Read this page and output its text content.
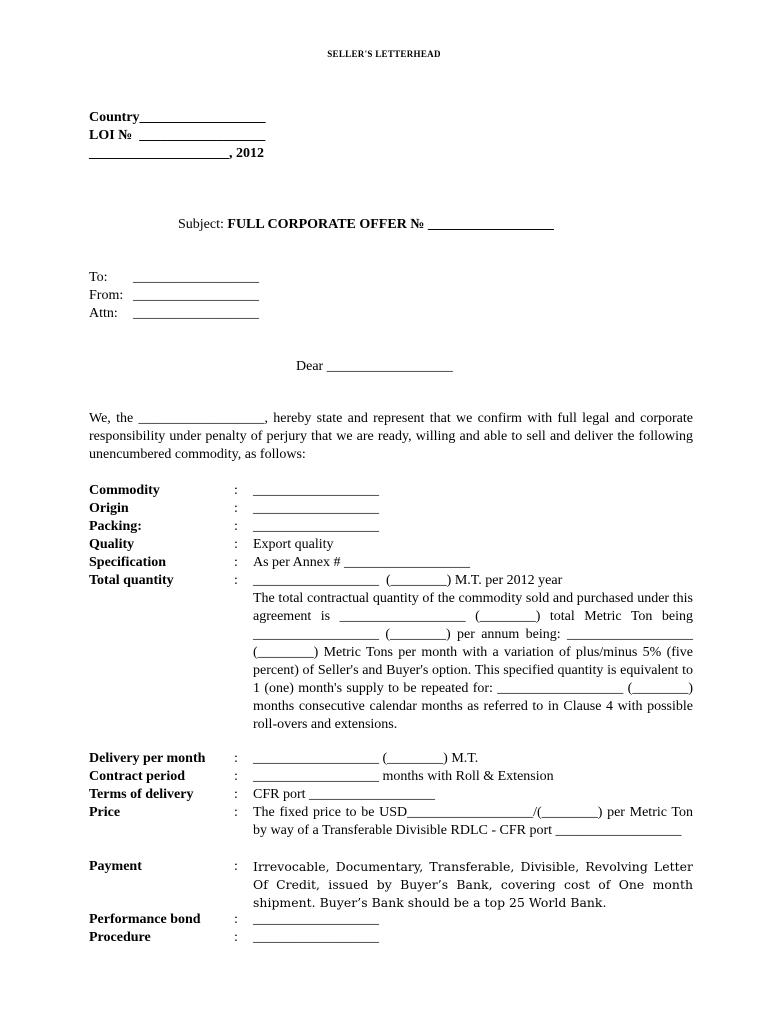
SELLER'S LETTERHEAD
Country__________________
LOI №  __________________
____________________, 2012
Subject: FULL CORPORATE OFFER № __________________
To:	__________________
From: __________________
Attn:	__________________
Dear __________________
We, the __________________, hereby state and represent that we confirm with full legal and corporate responsibility under penalty of perjury that we are ready, willing and able to sell and deliver the following unencumbered commodity, as follows:
Commodity	: __________________
Origin	: __________________
Packing:	: __________________
Quality	: Export quality
Specification	: As per Annex # __________________
Total quantity	: __________________  (________) M.T. per 2012 year
The total contractual quantity of the commodity sold and purchased under this agreement is __________________ (________) total Metric Ton being __________________ (________) per annum being: __________________ (________) Metric Tons per month with a variation of plus/minus 5% (five percent) of Seller's and Buyer's option. This specified quantity is equivalent to 1 (one) month's supply to be repeated for: __________________ (________) months consecutive calendar months as referred to in Clause 4 with possible roll-overs and extensions.
Delivery per month : __________________ (________) M.T.
Contract period	: __________________ months with Roll & Extension
Terms of delivery	: CFR port __________________
Price	: The fixed price to be USD__________________/(________) per Metric Ton by way of a Transferable Divisible RDLC - CFR port __________________
Payment	: Irrevocable, Documentary, Transferable, Divisible, Revolving Letter Of Credit, issued by Buyer’s Bank, covering cost of One month shipment. Buyer’s Bank should be a top 25 World Bank.
Performance bond : __________________
Procedure	: __________________
